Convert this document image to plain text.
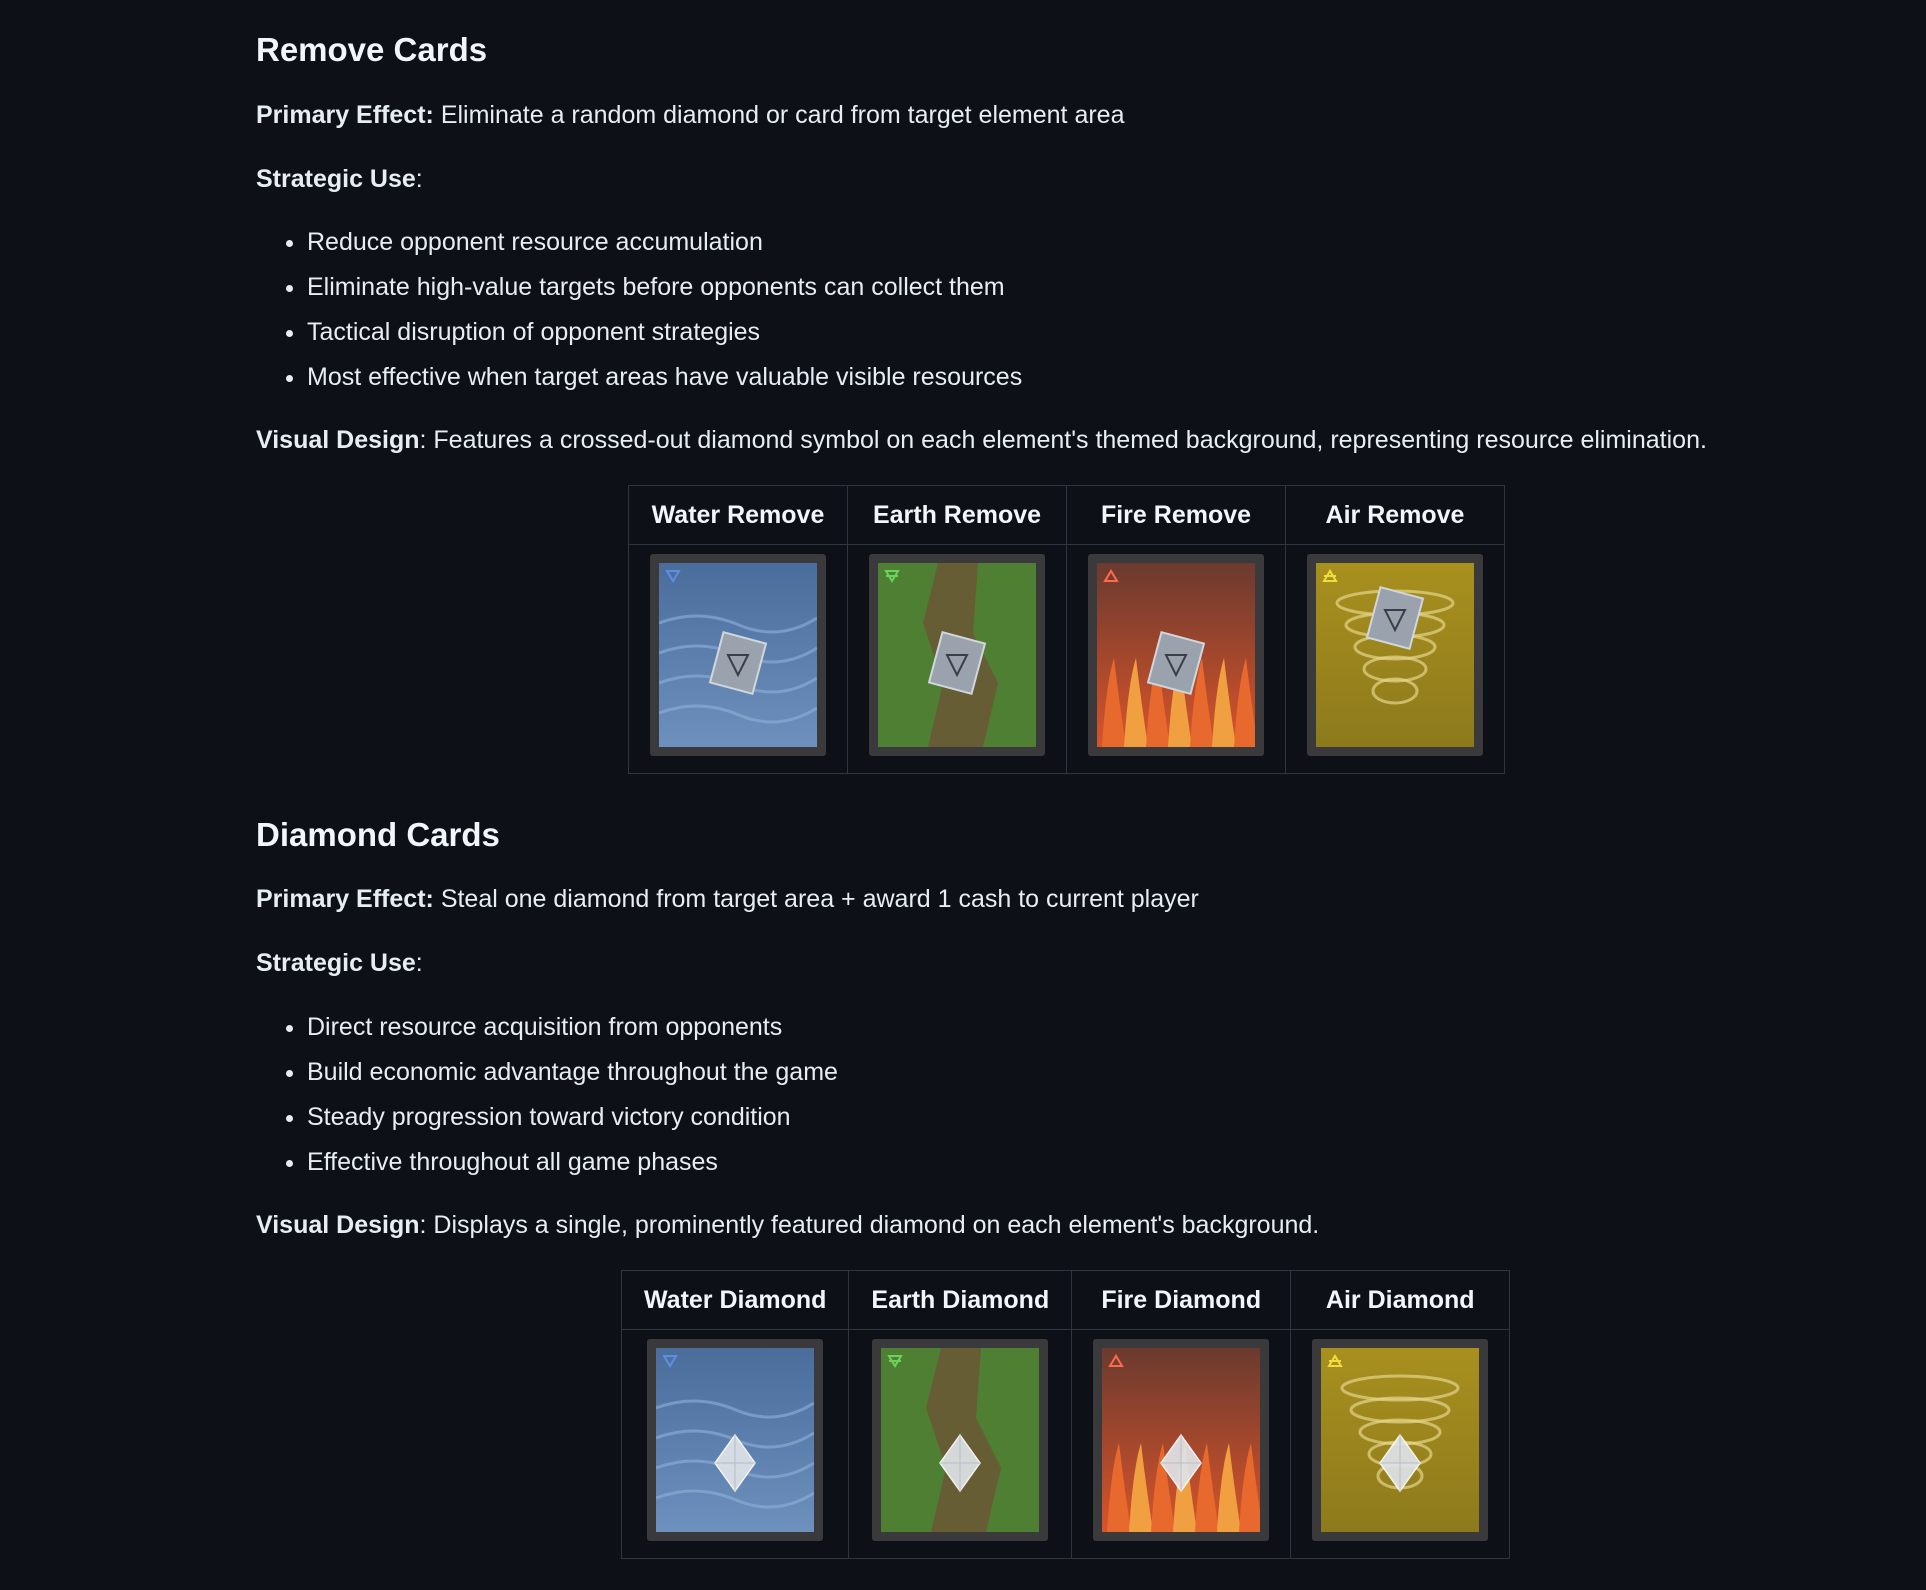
Remove Cards

Primary Effect: Eliminate a random diamond or card from target element area

Strategic Use:

• Reduce opponent resource accumulation
• Eliminate high-value targets before opponents can collect them
• Tactical disruption of opponent strategies
• Most effective when target areas have valuable visible resources

Visual Design: Features a crossed-out diamond symbol on each element's themed background, representing resource elimination.

Water Remove	Earth Remove	Fire Remove	Air Remove

Diamond Cards

Primary Effect: Steal one diamond from target area + award 1 cash to current player

Strategic Use:

• Direct resource acquisition from opponents
• Build economic advantage throughout the game
• Steady progression toward victory condition
• Effective throughout all game phases

Visual Design: Displays a single, prominently featured diamond on each element's background.

Water Diamond	Earth Diamond	Fire Diamond	Air Diamond
